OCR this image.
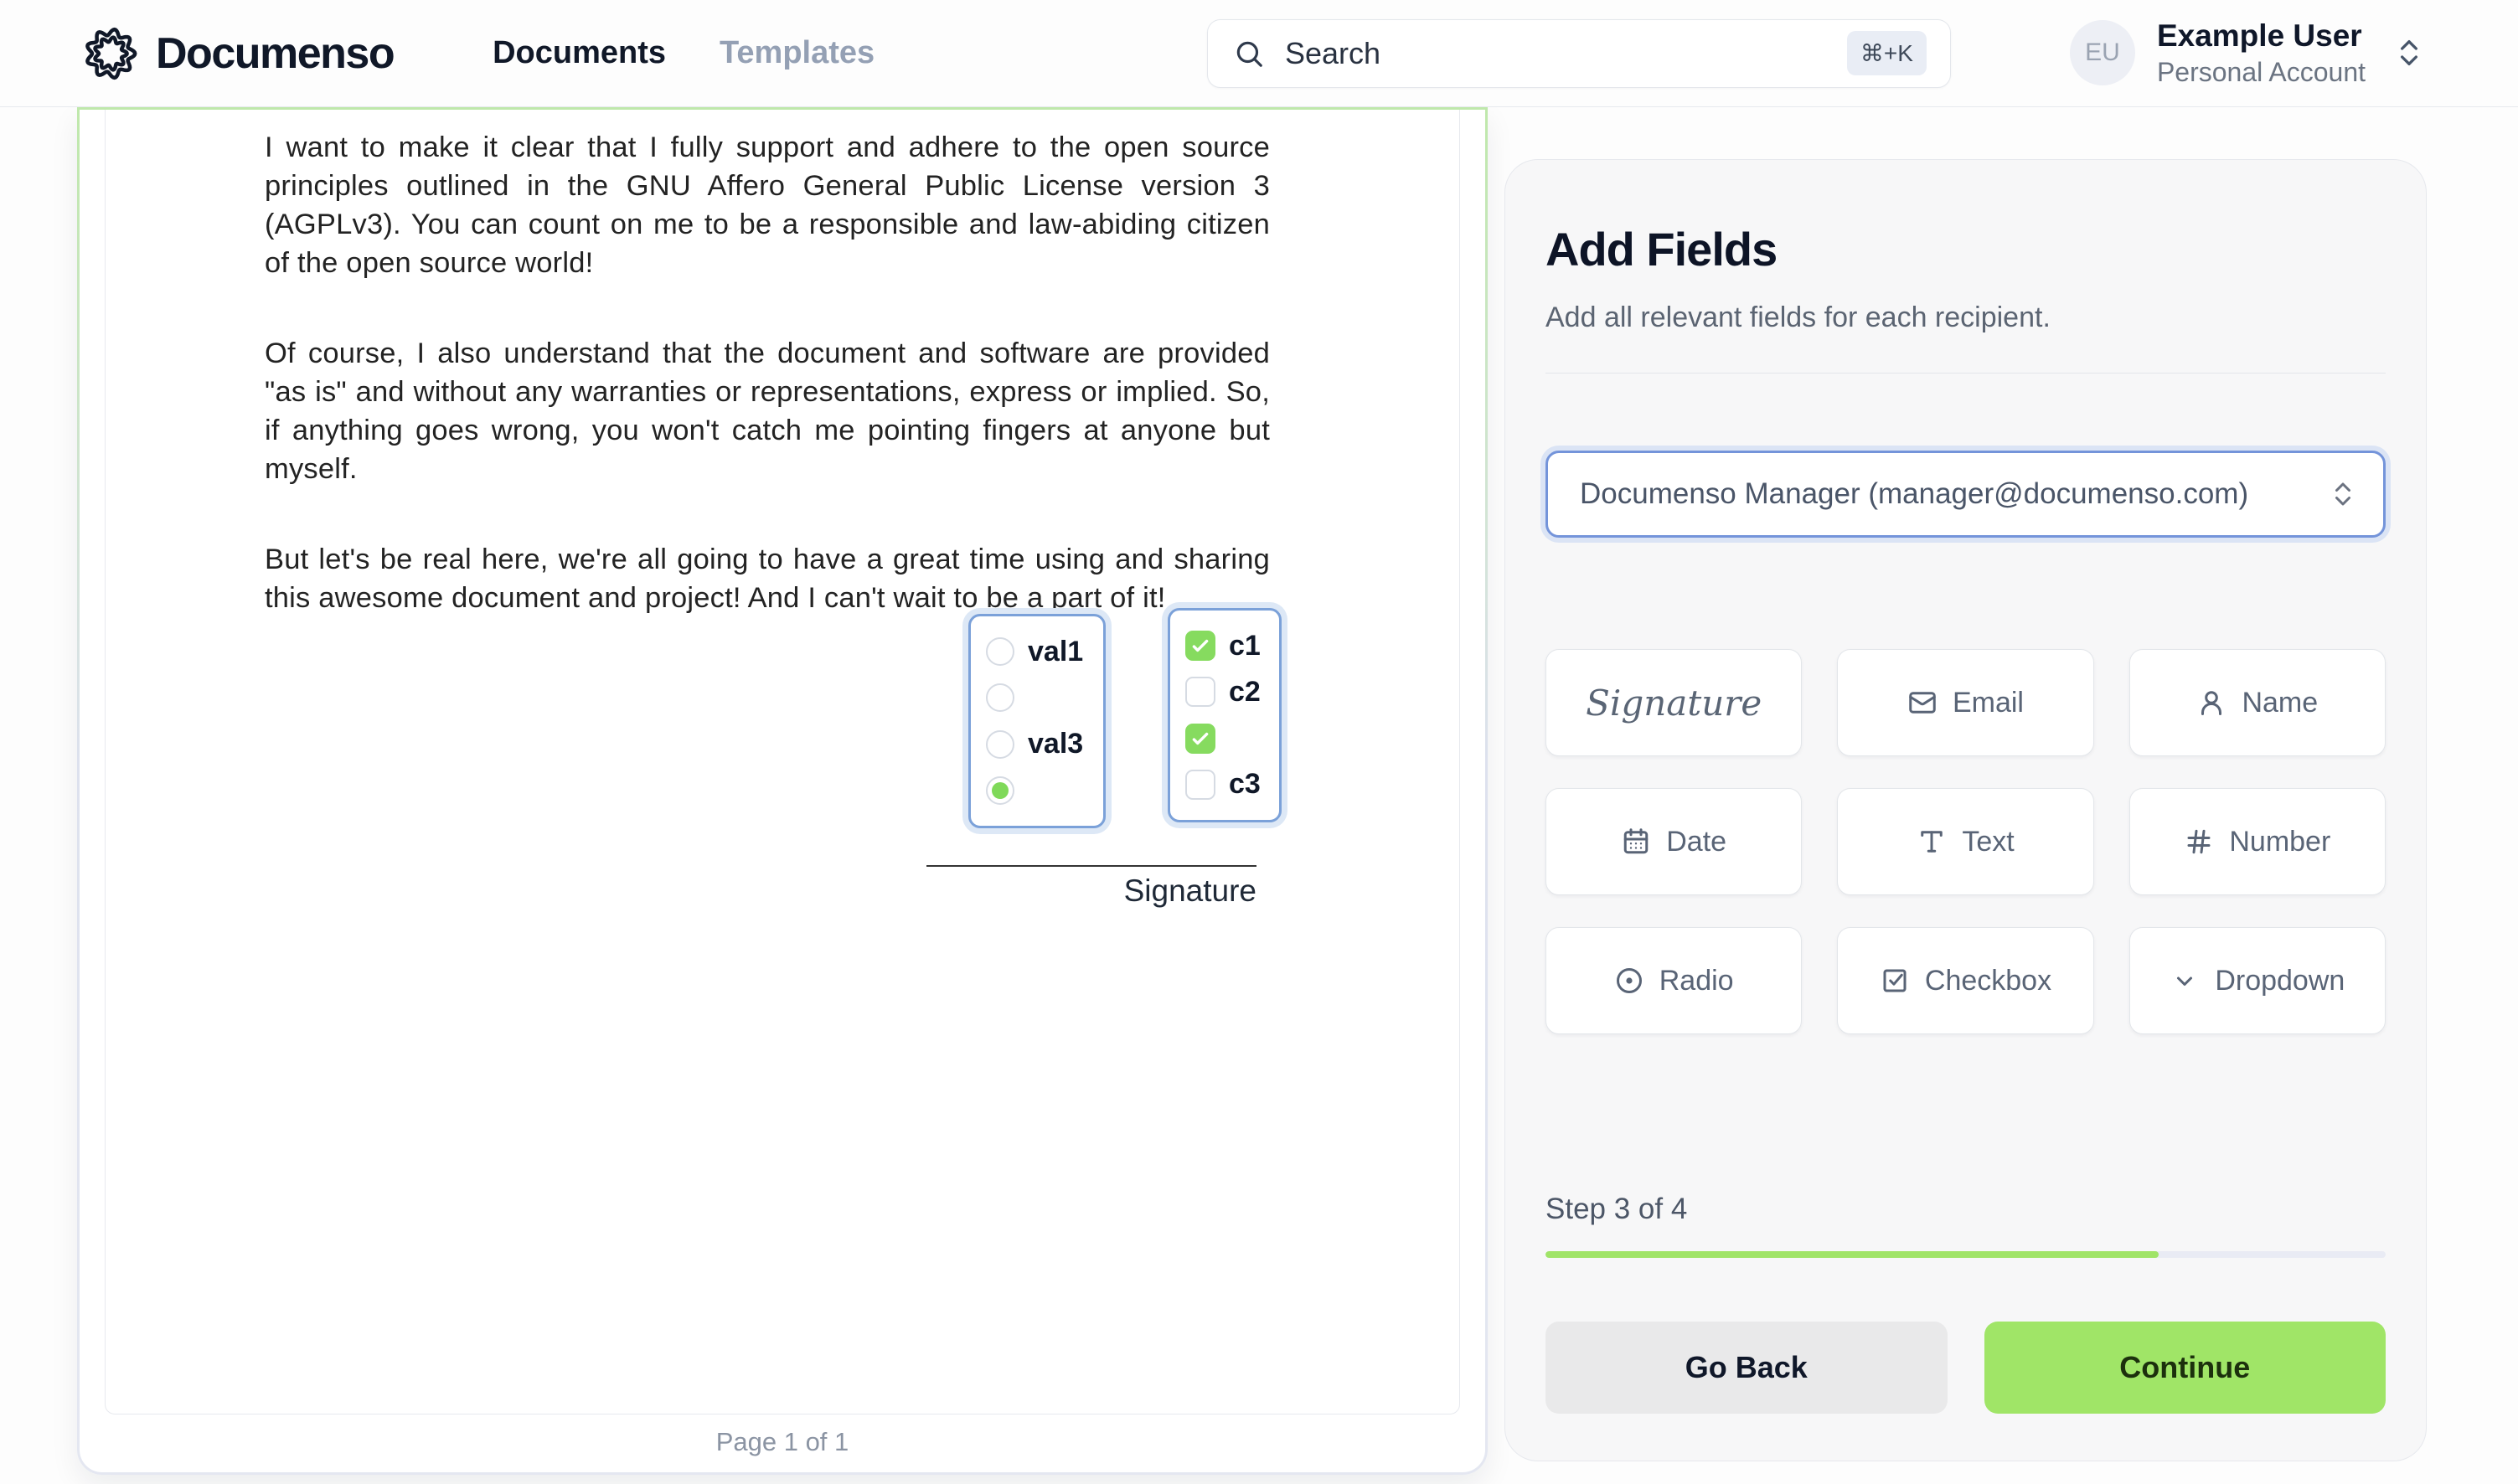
Documenso	Documents Templates	Search	⌘+K	EU	Example User
Personal Account

I want to make it clear that I fully support and adhere to the open source principles outlined in the GNU Affero General Public License version 3 (AGPLv3). You can count on me to be a responsible and law-abiding citizen of the open source world!

Of course, I also understand that the document and software are provided "as is" and without any warranties or representations, express or implied. So, if anything goes wrong, you won't catch me pointing fingers at anyone but myself.

But let's be real here, we're all going to have a great time using and sharing this awesome document and project! And I can't wait to be a part of it!

val1
val3
c1
c2
c3
Signature
Page 1 of 1
Add Fields

Add all relevant fields for each recipient.

Documenso Manager (manager@documenso.com)
Signature	Email	Name
Date	Text	Number
Radio	Checkbox	Dropdown
Step 3 of 4
Go Back	Continue
